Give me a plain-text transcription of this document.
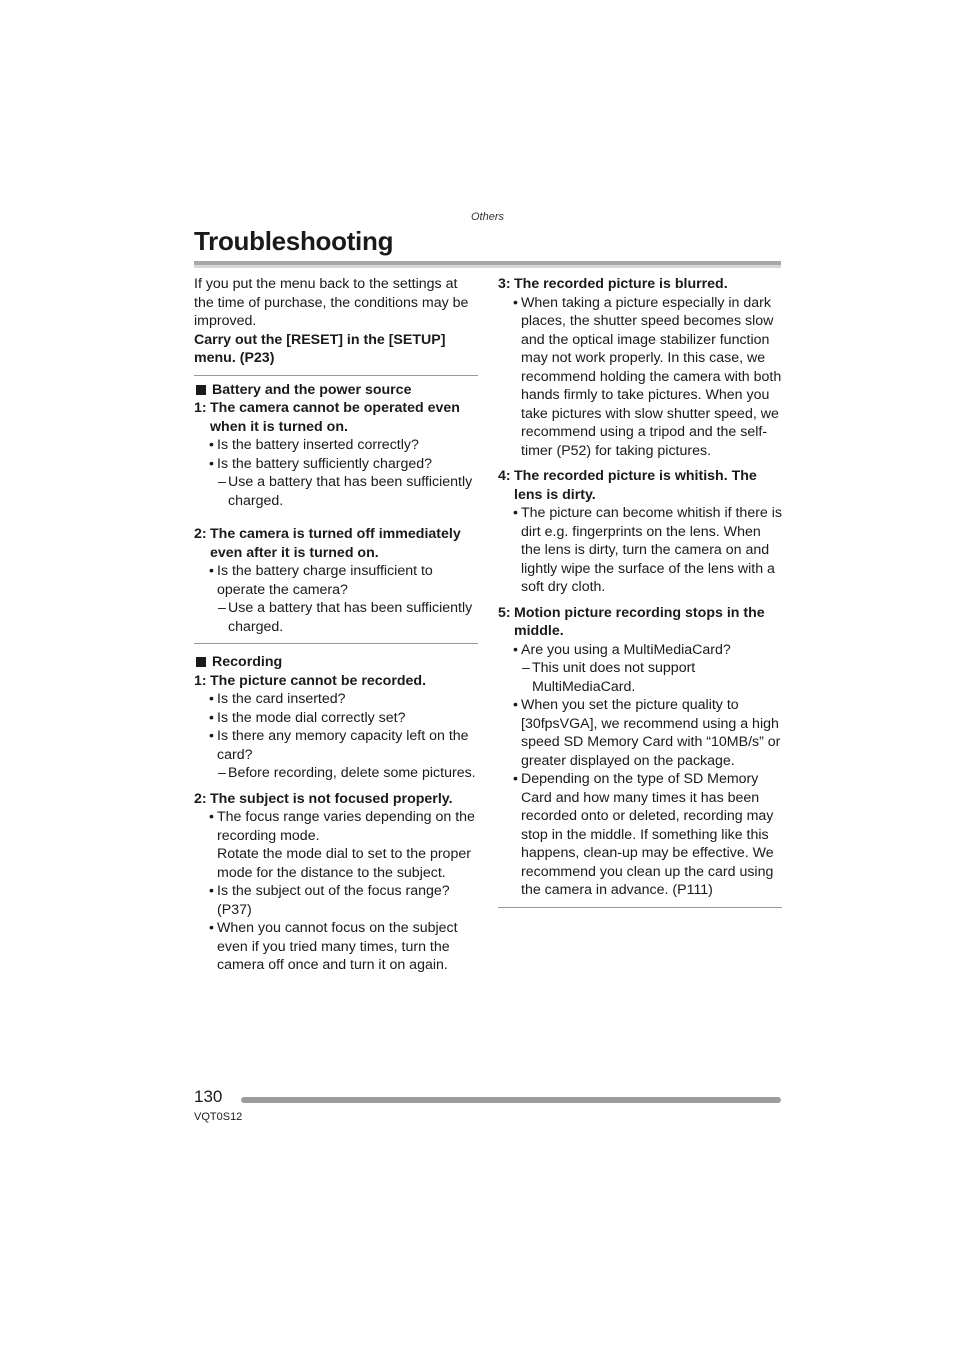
Others
Troubleshooting

If you put the menu back to the settings at the time of purchase, the conditions may be improved.

Carry out the [RESET] in the [SETUP] menu. (P23)

Battery and the power source
1: The camera cannot be operated even when it is turned on.
• Is the battery inserted correctly?
• Is the battery sufficiently charged?
– Use a battery that has been sufficiently charged.
2: The camera is turned off immediately even after it is turned on.
• Is the battery charge insufficient to operate the camera?
– Use a battery that has been sufficiently charged.
Recording
1: The picture cannot be recorded.
• Is the card inserted?
• Is the mode dial correctly set?
• Is there any memory capacity left on the card?
– Before recording, delete some pictures.
2: The subject is not focused properly.
• The focus range varies depending on the recording mode.
Rotate the mode dial to set to the proper mode for the distance to the subject.
• Is the subject out of the focus range? (P37)
• When you cannot focus on the subject even if you tried many times, turn the camera off once and turn it on again.
3: The recorded picture is blurred.
• When taking a picture especially in dark places, the shutter speed becomes slow and the optical image stabilizer function may not work properly. In this case, we recommend holding the camera with both hands firmly to take pictures. When you take pictures with slow shutter speed, we recommend using a tripod and the self-timer (P52) for taking pictures.
4: The recorded picture is whitish. The lens is dirty.
• The picture can become whitish if there is dirt e.g. fingerprints on the lens. When the lens is dirty, turn the camera on and lightly wipe the surface of the lens with a soft dry cloth.
5: Motion picture recording stops in the middle.
• Are you using a MultiMediaCard?
– This unit does not support MultiMediaCard.
• When you set the picture quality to [30fpsVGA], we recommend using a high speed SD Memory Card with “10MB/s” or greater displayed on the package.
• Depending on the type of SD Memory Card and how many times it has been recorded onto or deleted, recording may stop in the middle. If something like this happens, clean-up may be effective. We recommend you clean up the card using the camera in advance. (P111)
130
VQT0S12
